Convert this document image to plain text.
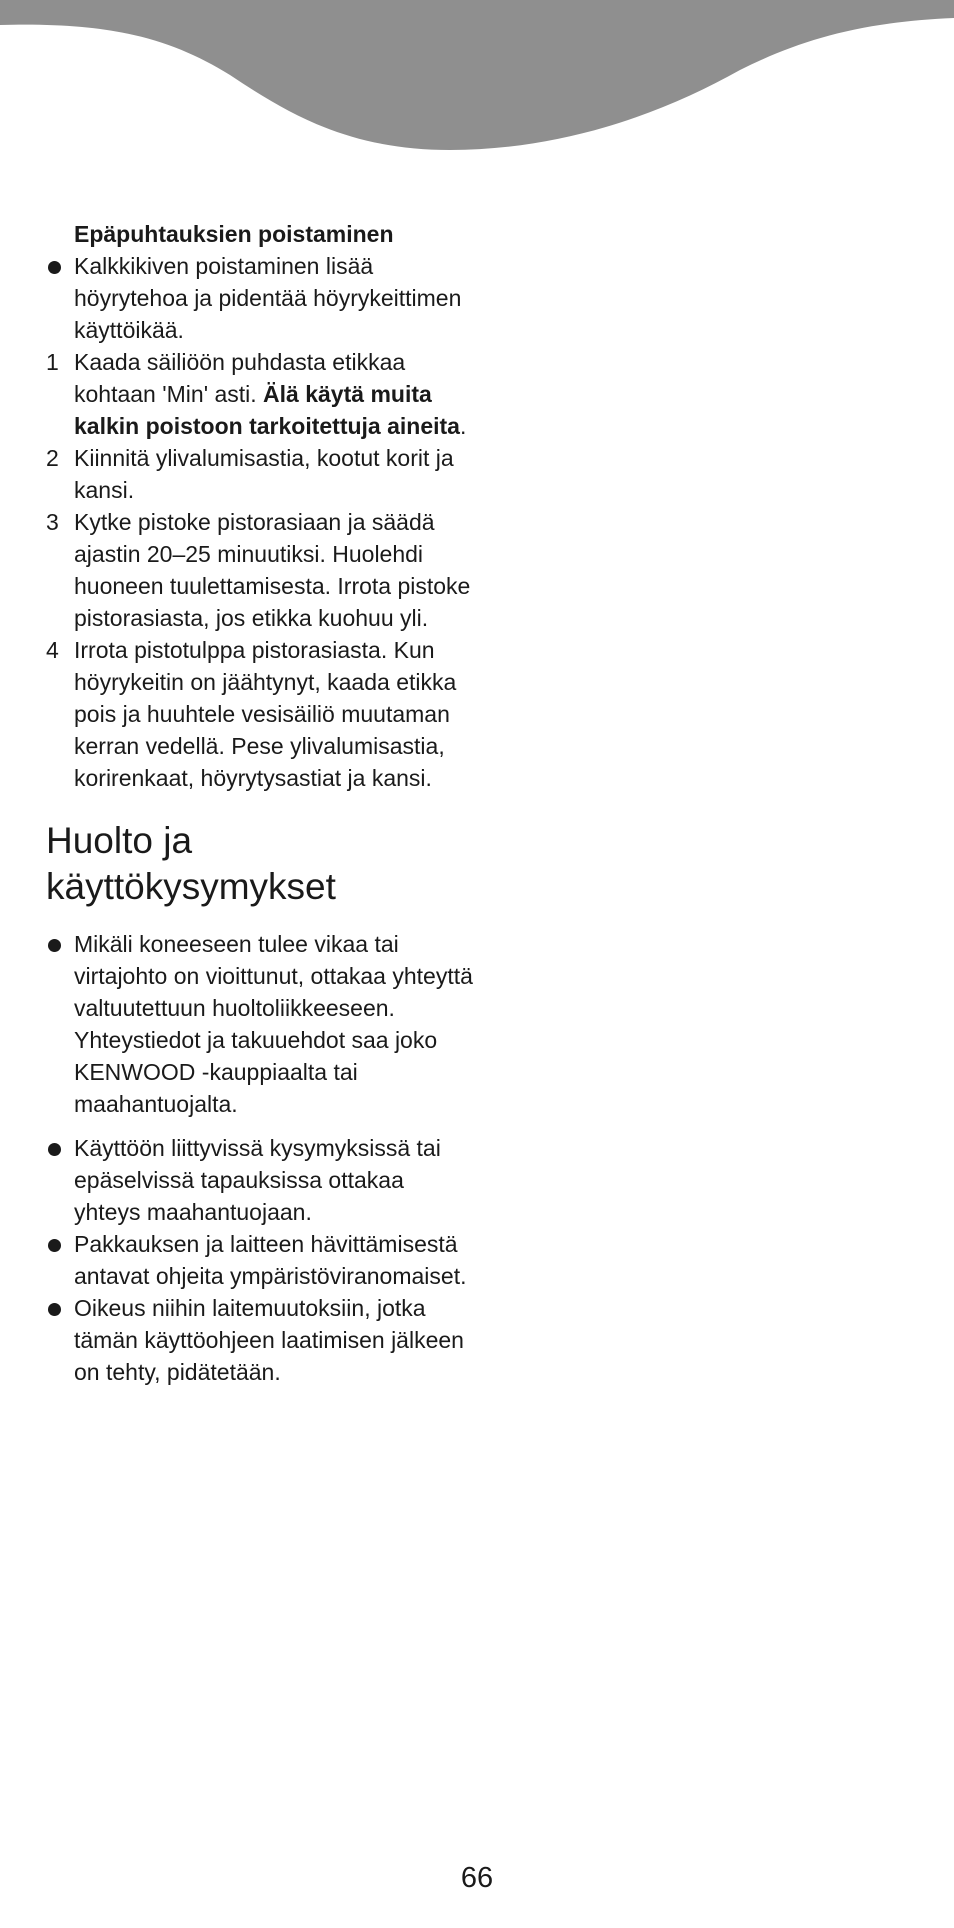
Epäpuhtauksien poistaminen
Kalkkikiven poistaminen lisää höyrytehoa ja pidentää höyrykeittimen käyttöikää.
1 Kaada säiliöön puhdasta etikkaa kohtaan 'Min' asti. Älä käytä muita kalkin poistoon tarkoitettuja aineita.
2 Kiinnitä ylivalumisastia, kootut korit ja kansi.
3 Kytke pistoke pistorasiaan ja säädä ajastin 20–25 minuutiksi. Huolehdi huoneen tuulettamisesta. Irrota pistoke pistorasiasta, jos etikka kuohuu yli.
4 Irrota pistotulppa pistorasiasta. Kun höyrykeitin on jäähtynyt, kaada etikka pois ja huuhtele vesisäiliö muutaman kerran vedellä. Pese ylivalumisastia, korirenkaat, höyrytysastiat ja kansi.
Huolto ja
käyttökysymykset
Mikäli koneeseen tulee vikaa tai virtajohto on vioittunut, ottakaa yhteyttä valtuutettuun huoltoliikkeeseen. Yhteystiedot ja takuuehdot saa joko KENWOOD -kauppiaalta tai maahantuojalta.
Käyttöön liittyvissä kysymyksissä tai epäselvissä tapauksissa ottakaa yhteys maahantuojaan.
Pakkauksen ja laitteen hävittämisestä antavat ohjeita ympäristöviranomaiset.
Oikeus niihin laitemuutoksiin, jotka tämän käyttöohjeen laatimisen jälkeen on tehty, pidätetään.
66
